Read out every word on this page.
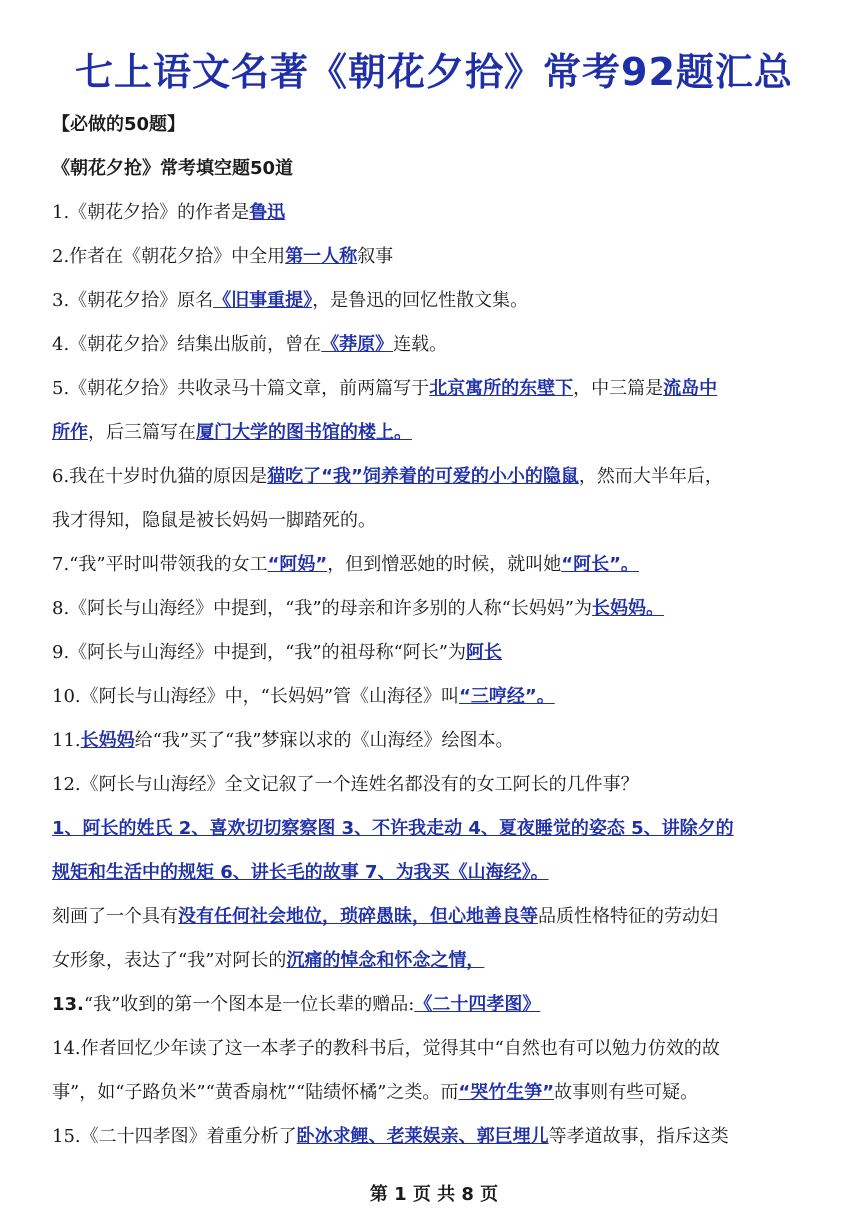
七上语文名著《朝花夕拾》常考92题汇总
【必做的50题】
《朝花夕抢》常考填空题50道
1.《朝花夕拾》的作者是鲁迅
2.作者在《朝花夕拾》中全用第一人称叙事
3.《朝花夕拾》原名《旧事重提》，是鲁迅的回忆性散文集。
4.《朝花夕拾》结集出版前，曾在《莽原》连载。
5.《朝花夕拾》共收录马十篇文章，前两篇写于北京寓所的东壁下，中三篇是流岛中
所作，后三篇写在厦门大学的图书馆的楼上。
6.我在十岁时仇猫的原因是猫吃了“我”饲养着的可爱的小小的隐鼠，然而大半年后，
我才得知，隐鼠是被长妈妈一脚踏死的。
7.“我”平时叫带领我的女工“阿妈”，但到憎恶她的时候，就叫她“阿长”。
8.《阿长与山海经》中提到，“我”的母亲和许多别的人称“长妈妈”为长妈妈。
9.《阿长与山海经》中提到，“我”的祖母称“阿长”为阿长
10.《阿长与山海经》中，“长妈妈”管《山海径》叫“三哼经”。
11.长妈妈给“我”买了“我”梦寐以求的《山海经》绘图本。
12.《阿长与山海经》全文记叙了一个连姓名都没有的女工阿长的几件事？
1、阿长的姓氏 2、喜欢切切察察图 3、不许我走动 4、夏夜睡觉的姿态 5、讲除夕的
规矩和生活中的规矩 6、讲长毛的故事 7、为我买《山海经》。
刻画了一个具有没有任何社会地位，琐碎愚昧，但心地善良等品质性格特征的劳动妇
女形象，表达了“我”对阿长的沉痛的悼念和怀念之情，
13.“我”收到的第一个图本是一位长辈的赠品:《二十四孝图》
14.作者回忆少年读了这一本孝子的教科书后，觉得其中“自然也有可以勉力仿效的故
事”，如“子路负米”“黄香扇枕”“陆绩怀橘”之类。而“哭竹生笋”故事则有些可疑。
15.《二十四孝图》着重分析了卧冰求鲤、老莱娱亲、郭巨埋儿等孝道故事，指斥这类
第 1 页 共 8 页
